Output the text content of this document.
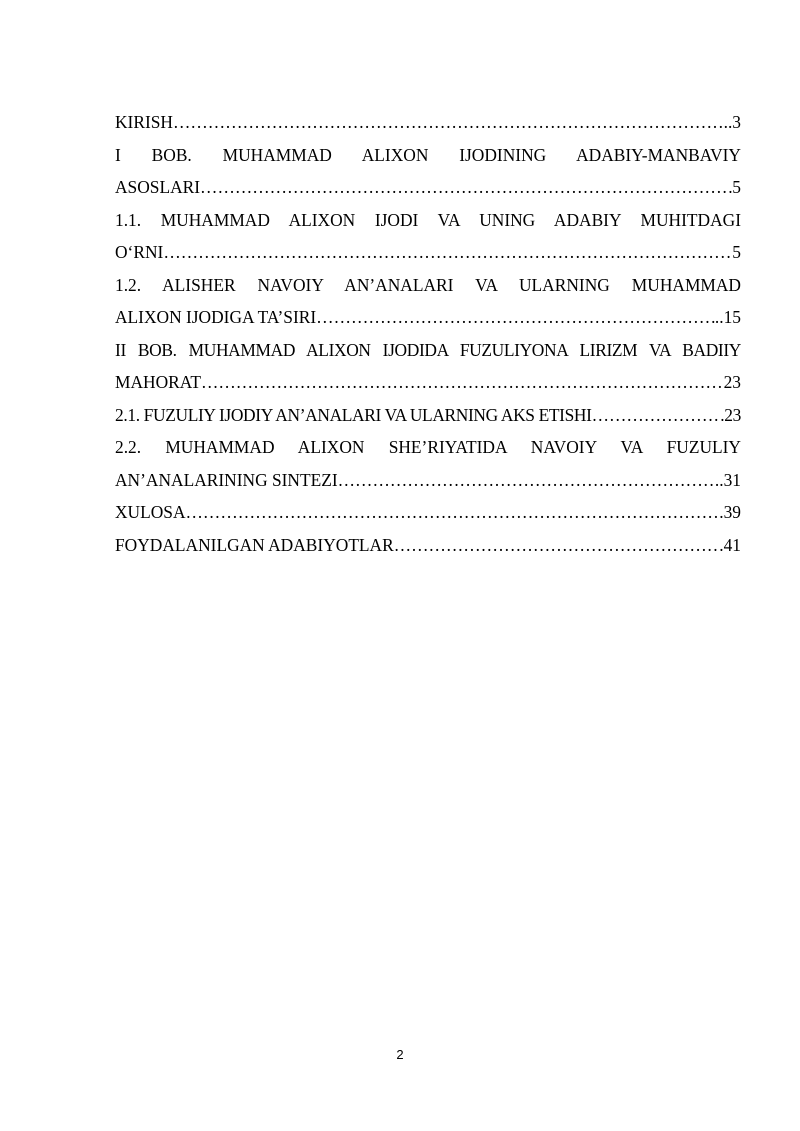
KIRISH …………………………………………………………………………………………………………………………………………………………………………………	..3
I BOB. MUHAMMAD ALIXON IJODINING ADABIY-MANBAVIY
ASOSLARI …………………………………………………………………………………………………………………………………………………………………………………	5
1.1. MUHAMMAD ALIXON IJODI VA UNING ADABIY MUHITDAGI
O‘RNI …………………………………………………………………………………………………………………………………………………………………………………	5
1.2. ALISHER NAVOIY AN’ANALARI VA ULARNING MUHAMMAD
ALIXON IJODIGA TA’SIRI …………………………………………………………………………………………………………………………………………………………………………………	..15
II BOB. MUHAMMAD ALIXON IJODIDA FUZULIYONA LIRIZM VA BADIIY
MAHORAT …………………………………………………………………………………………………………………………………………………………………………………	23
2.1. FUZULIY IJODIY AN’ANALARI VA ULARNING AKS ETISHI …………………………………………………………………………………………………………………………………………………………………………………	.23
2.2. MUHAMMAD ALIXON SHE’RIYATIDA NAVOIY VA FUZULIY
AN’ANALARINING SINTEZI …………………………………………………………………………………………………………………………………………………………………………………	..31
XULOSA …………………………………………………………………………………………………………………………………………………………………………………	.39
FOYDALANILGAN ADABIYOTLAR …………………………………………………………………………………………………………………………………………………………………………………	.41
2
